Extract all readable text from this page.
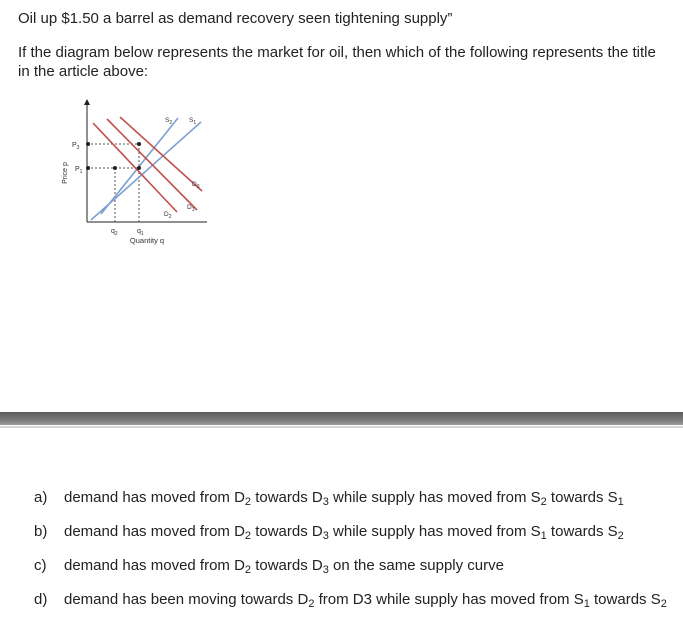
Oil up $1.50 a barrel as demand recovery seen tightening supply”
If the diagram below represents the market for oil, then which of the following represents the title in the article above:
Price p
Quantity q
$P_3$
$P_1$
$q_2$	$q_1$
$S_2$	$S_1$
$D_3$
$D_2$
$D_1$
a) demand has moved from $D_2$ towards $D_3$ while supply has moved from $S_2$ towards $S_1$
b) demand has moved from $D_2$ towards $D_3$ while supply has moved from $S_1$ towards $S_2$
c) demand has moved from $D_2$ towards $D_3$ on the same supply curve
d) demand has been moving towards $D_2$ from D3 while supply has moved from $S_1$ towards $S_2$
